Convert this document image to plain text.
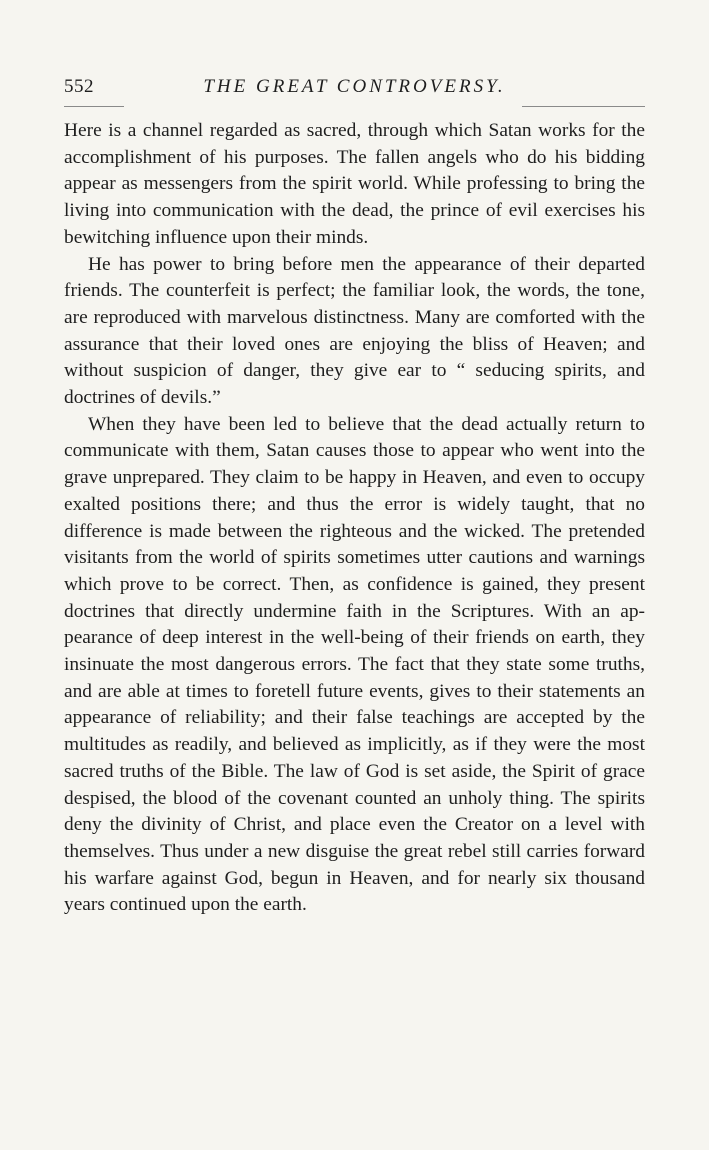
552	THE GREAT CONTROVERSY.

Here is a channel regarded as sacred, through which Satan works for the accomplishment of his purposes. The fallen angels who do his bidding appear as messengers from the spirit world. While professing to bring the living into communication with the dead, the prince of evil exercises his bewitching influence upon their minds.

He has power to bring before men the appearance of their departed friends. The counterfeit is perfect; the familiar look, the words, the tone, are reproduced with marvelous distinctness. Many are comforted with the assurance that their loved ones are enjoying the bliss of Heaven; and without suspicion of danger, they give ear to “ seducing spirits, and doctrines of devils.”

When they have been led to believe that the dead actually return to communicate with them, Satan causes those to appear who went into the grave unprepared. They claim to be happy in Heaven, and even to occupy exalted positions there; and thus the error is widely taught, that no difference is made between the righteous and the wicked. The pretended visitants from the world of spirits sometimes utter cautions and warnings which prove to be correct. Then, as confidence is gained, they present doctrines that directly undermine faith in the Scriptures. With an appearance of deep interest in the well-being of their friends on earth, they insinuate the most dangerous errors. The fact that they state some truths, and are able at times to foretell future events, gives to their statements an appearance of reliability; and their false teachings are accepted by the multitudes as readily, and believed as implicitly, as if they were the most sacred truths of the Bible. The law of God is set aside, the Spirit of grace despised, the blood of the covenant counted an unholy thing. The spirits deny the divinity of Christ, and place even the Creator on a level with themselves. Thus under a new disguise the great rebel still carries forward his warfare against God, begun in Heaven, and for nearly six thousand years continued upon the earth.
